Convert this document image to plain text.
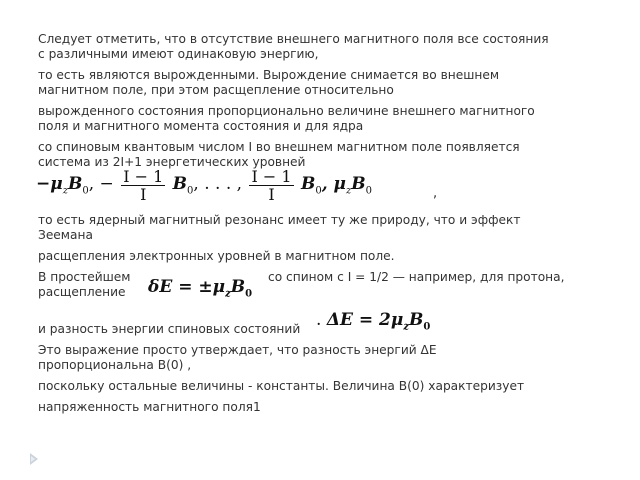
Следует отметить, что в отсутствие внешнего магнитного поля все состояния
с различными имеют одинаковую энергию,
то есть являются вырожденными. Вырождение снимается во внешнем
магнитном поле, при этом расщепление относительно
вырожденного состояния пропорционально величине внешнего магнитного
поля и магнитного момента состояния и для ядра
со спиновым квантовым числом I во внешнем магнитном поле появляется
система из 2I+1 энергетических уровней
$-\mu_zB_0$, − $\frac{I - 1}{I} B_0$, . . . , $\frac{I - 1}{I} B_0$, $\mu_zB_0$	,
то есть ядерный магнитный резонанс имеет ту же природу, что и эффект
Зеемана
расщепления электронных уровней в магнитном поле.
В простейшем $\delta E = \pm\mu_zB_0$
со спином с I = 1/2 — например, для протона,
расщепление
. $\Delta E = 2\mu_zB_0$
и разность энергии спиновых состояний
Это выражение просто утверждает, что разность энергий ΔE
пропорциональна B(0) ,
поскольку остальные величины - константы. Величина B(0) характеризует
напряженность магнитного поля1
